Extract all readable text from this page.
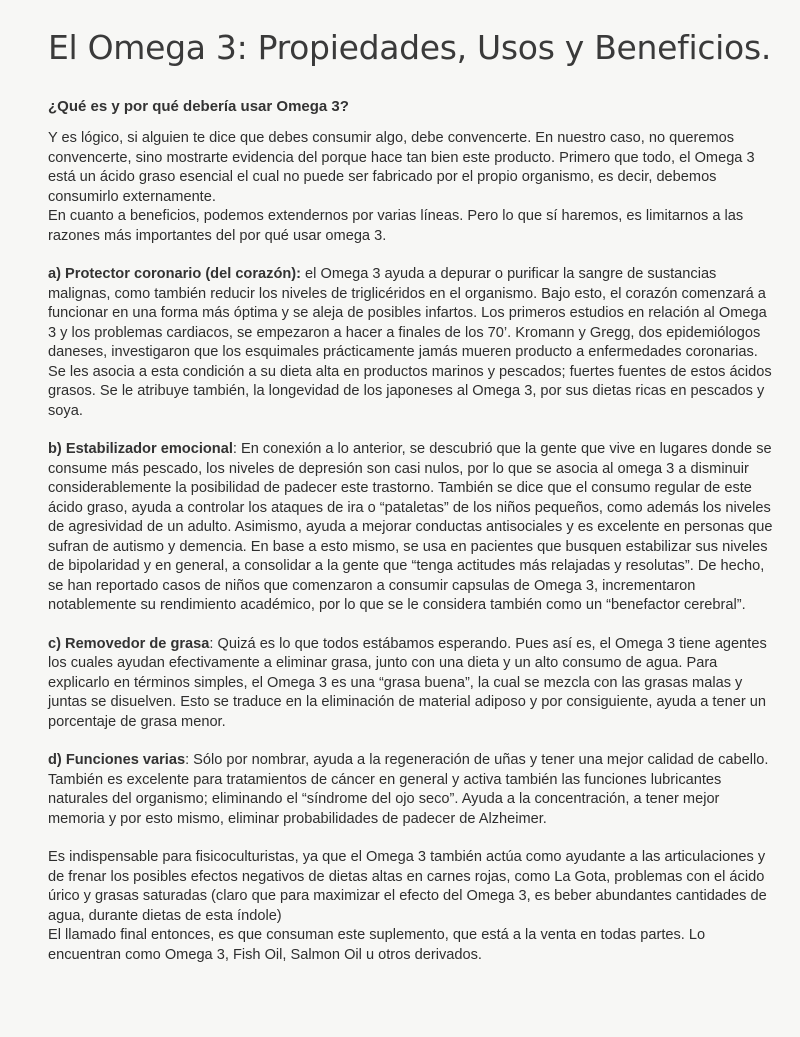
El Omega 3: Propiedades, Usos y Beneficios.
¿Qué es y por qué debería usar Omega 3?

Y es lógico, si alguien te dice que debes consumir algo, debe convencerte. En nuestro caso, no queremos convencerte, sino mostrarte evidencia del porque hace tan bien este producto. Primero que todo, el Omega 3 está un ácido graso esencial el cual no puede ser fabricado por el propio organismo, es decir, debemos consumirlo externamente.

En cuanto a beneficios, podemos extendernos por varias líneas. Pero lo que sí haremos, es limitarnos a las razones más importantes del por qué usar omega 3.

a) Protector coronario (del corazón): el Omega 3 ayuda a depurar o purificar la sangre de sustancias malignas, como también reducir los niveles de triglicéridos en el organismo. Bajo esto, el corazón comenzará a funcionar en una forma más óptima y se aleja de posibles infartos. Los primeros estudios en relación al Omega 3 y los problemas cardiacos, se empezaron a hacer a finales de los 70’. Kromann y Gregg, dos epidemiólogos daneses, investigaron que los esquimales prácticamente jamás mueren producto a enfermedades coronarias. Se les asocia a esta condición a su dieta alta en productos marinos y pescados; fuertes fuentes de estos ácidos grasos. Se le atribuye también, la longevidad de los japoneses al Omega 3, por sus dietas ricas en pescados y soya.

b) Estabilizador emocional: En conexión a lo anterior, se descubrió que la gente que vive en lugares donde se consume más pescado, los niveles de depresión son casi nulos, por lo que se asocia al omega 3 a disminuir considerablemente la posibilidad de padecer este trastorno. También se dice que el consumo regular de este ácido graso, ayuda a controlar los ataques de ira o “pataletas” de los niños pequeños, como además los niveles de agresividad de un adulto. Asimismo, ayuda a mejorar conductas antisociales y es excelente en personas que sufran de autismo y demencia. En base a esto mismo, se usa en pacientes que busquen estabilizar sus niveles de bipolaridad y en general, a consolidar a la gente que “tenga actitudes más relajadas y resolutas”. De hecho, se han reportado casos de niños que comenzaron a consumir capsulas de Omega 3, incrementaron notablemente su rendimiento académico, por lo que se le considera también como un “benefactor cerebral”.

c) Removedor de grasa: Quizá es lo que todos estábamos esperando. Pues así es, el Omega 3 tiene agentes los cuales ayudan efectivamente a eliminar grasa, junto con una dieta y un alto consumo de agua. Para explicarlo en términos simples, el Omega 3 es una “grasa buena”, la cual se mezcla con las grasas malas y juntas se disuelven. Esto se traduce en la eliminación de material adiposo y por consiguiente, ayuda a tener un porcentaje de grasa menor.

d) Funciones varias: Sólo por nombrar, ayuda a la regeneración de uñas y tener una mejor calidad de cabello. También es excelente para tratamientos de cáncer en general y activa también las funciones lubricantes naturales del organismo; eliminando el “síndrome del ojo seco”. Ayuda a la concentración, a tener mejor memoria y por esto mismo, eliminar probabilidades de padecer de Alzheimer.

Es indispensable para fisicoculturistas, ya que el Omega 3 también actúa como ayudante a las articulaciones y de frenar los posibles efectos negativos de dietas altas en carnes rojas, como La Gota, problemas con el ácido úrico y grasas saturadas (claro que para maximizar el efecto del Omega 3, es beber abundantes cantidades de agua, durante dietas de esta índole)

El llamado final entonces, es que consuman este suplemento, que está a la venta en todas partes. Lo encuentran como Omega 3, Fish Oil, Salmon Oil u otros derivados.
